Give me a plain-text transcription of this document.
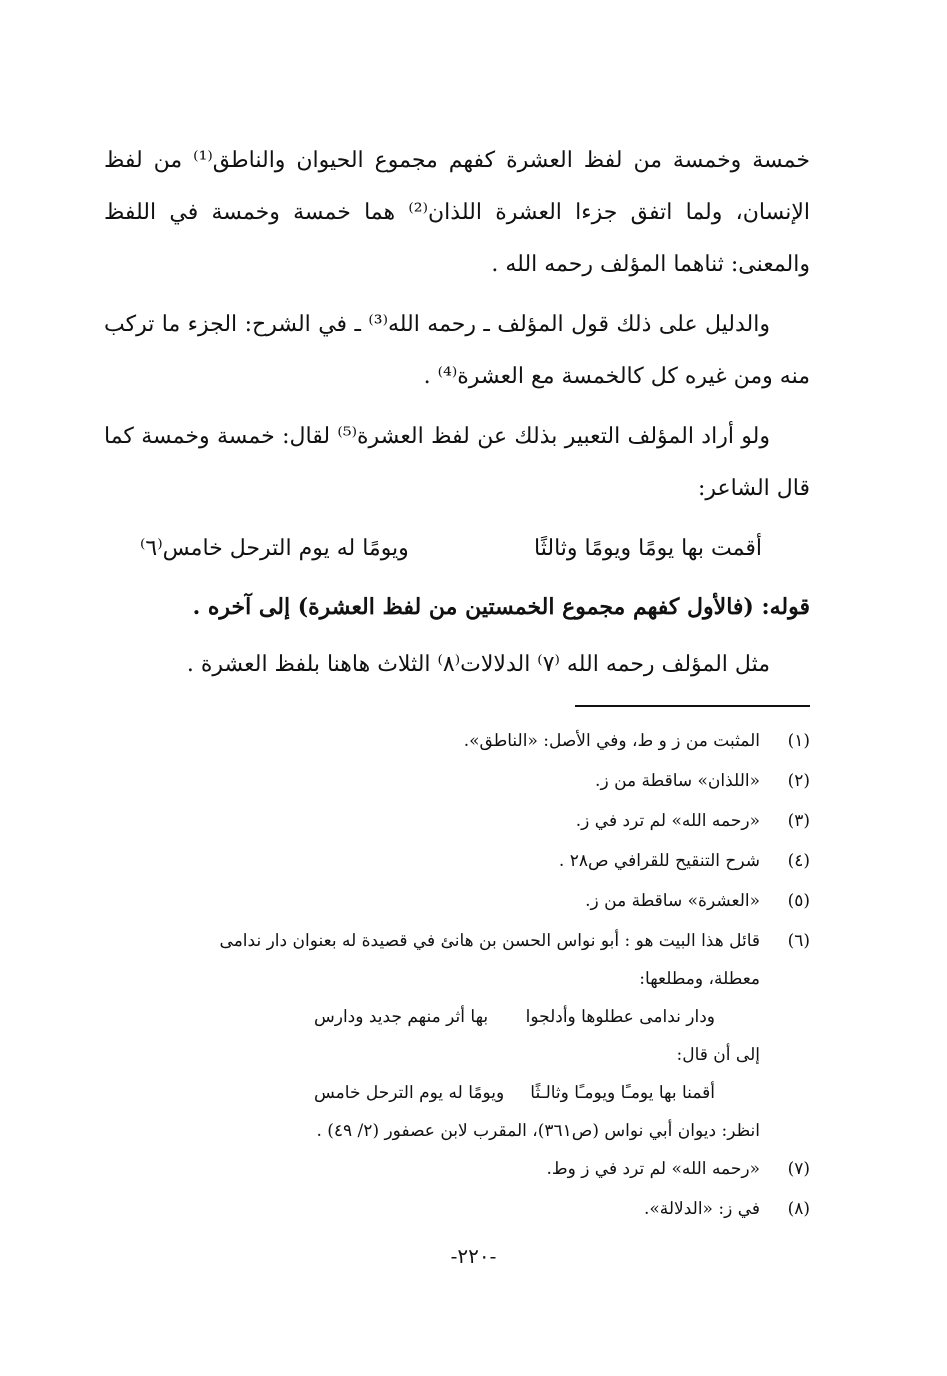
خمسة وخمسة من لفظ العشرة كفهم مجموع الحيوان والناطق⁽¹⁾ من لفظ الإنسان، ولما اتفق جزءا العشرة اللذان⁽²⁾ هما خمسة وخمسة في اللفظ والمعنى: ثناهما المؤلف رحمه الله .

والدليل على ذلك قول المؤلف ـ رحمه الله⁽³⁾ ـ في الشرح: الجزء ما تركب منه ومن غيره كل كالخمسة مع العشرة⁽⁴⁾ .

ولو أراد المؤلف التعبير بذلك عن لفظ العشرة⁽⁵⁾ لقال: خمسة وخمسة كما قال الشاعر:

أقمت بها يومًا ويومًا وثالثًا
ويومًا له يوم الترحل خامس⁽٦⁾

قوله: (فالأول كفهم مجموع الخمستين من لفظ العشرة) إلى آخره .

مثل المؤلف رحمه الله ⁽٧⁾ الدلالات⁽٨⁾ الثلاث هاهنا بلفظ العشرة .

(١)
المثبت من ز و ط، وفي الأصل: «الناطق».
(٢)
«اللذان» ساقطة من ز.
(٣)
«رحمه الله» لم ترد في ز.
(٤)
شرح التنقيح للقرافي ص٢٨ .
(٥)
«العشرة» ساقطة من ز.
(٦)
قائل هذا البيت هو : أبو نواس الحسن بن هانئ في قصيدة له بعنوان دار ندامى
معطلة، ومطلعها:
ودار ندامى عطلوها وأدلجوا
بها أثر منهم جديد ودارس
إلى أن قال:
أقمنا بها يومـًا ويومـًا وثالـثًا
ويومًا له يوم الترحل خامس
انظر: ديوان أبي نواس (ص٣٦١)، المقرب لابن عصفور (٢/ ٤٩) .
(٧)
«رحمه الله» لم ترد في ز وط.
(٨)
في ز: «الدلالة».
-٢٢٠-
